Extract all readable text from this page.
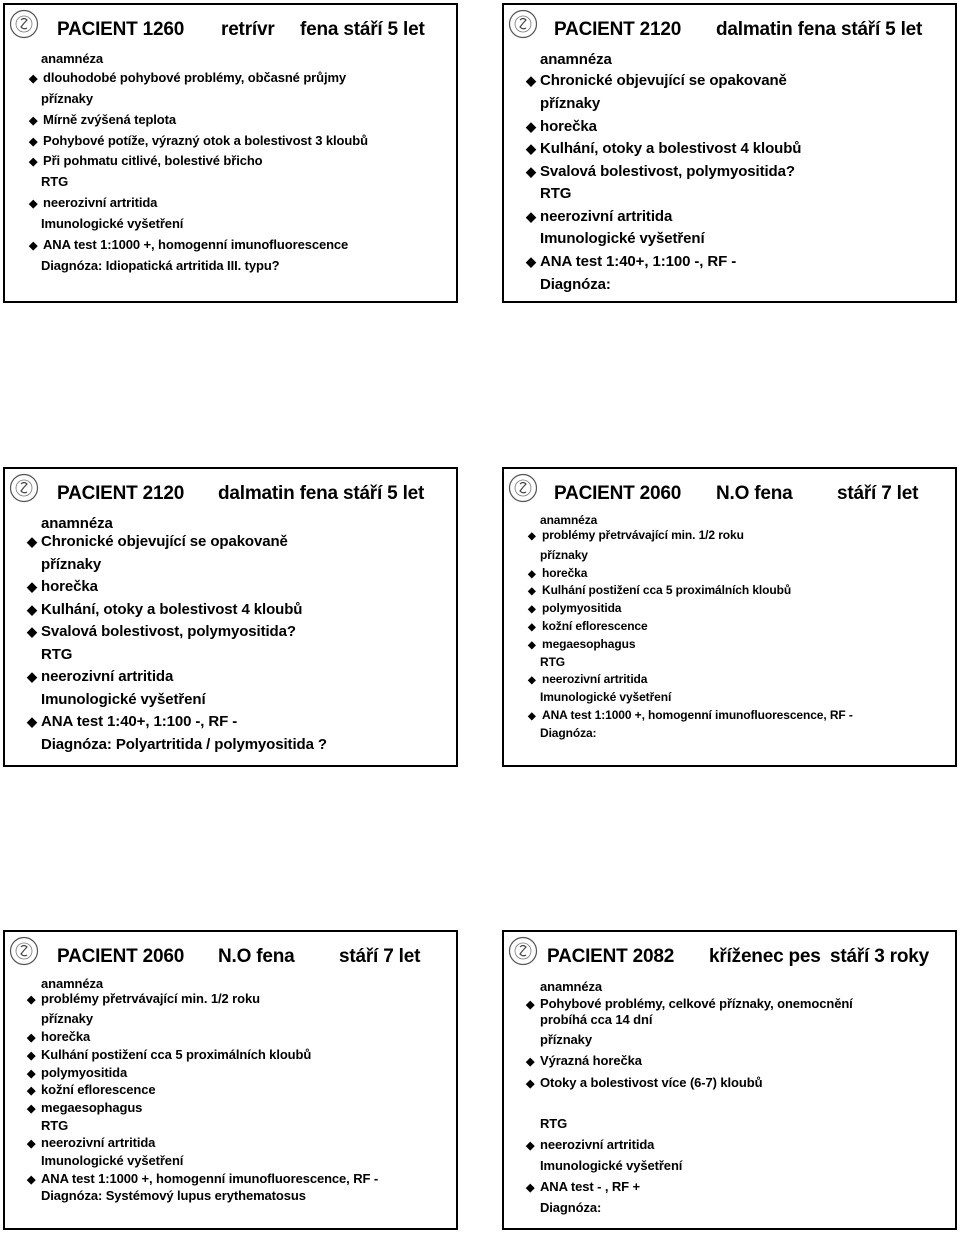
PACIENT 1260 retrívr fena stáří 5 let
anamnéza
◆ dlouhodobé pohybové problémy, občasné průjmy
příznaky
◆ Mírně zvýšená teplota
◆ Pohybové potíže, výrazný otok a bolestivost 3 kloubů
◆ Při pohmatu citlivé, bolestivé břicho
RTG
◆ neerozivní artritida
Imunologické vyšetření
◆ ANA test 1:1000 +, homogenní imunofluorescence
Diagnóza: Idiopatická artritida III. typu?
PACIENT 2120 dalmatin fena stáří 5 let
anamnéza
◆ Chronické objevující se opakovaně
příznaky
◆ horečka
◆ Kulhání, otoky a bolestivost 4 kloubů
◆ Svalová bolestivost, polymyositida?
RTG
◆ neerozivní artritida
Imunologické vyšetření
◆ ANA test 1:40+, 1:100 -, RF -
Diagnóza:
PACIENT 2120 dalmatin fena stáří 5 let
anamnéza
◆ Chronické objevující se opakovaně
příznaky
◆ horečka
◆ Kulhání, otoky a bolestivost 4 kloubů
◆ Svalová bolestivost, polymyositida?
RTG
◆ neerozivní artritida
Imunologické vyšetření
◆ ANA test 1:40+, 1:100 -, RF -
Diagnóza: Polyartritida / polymyositida ?
PACIENT 2060 N.O fena stáří 7 let
anamnéza
◆ problémy přetrvávající min. 1/2 roku
příznaky
◆ horečka
◆ Kulhání postižení cca 5 proximálních kloubů
◆ polymyositida
◆ kožní eflorescence
◆ megaesophagus
RTG
◆ neerozivní artritida
Imunologické vyšetření
◆ ANA test 1:1000 +, homogenní imunofluorescence, RF -
Diagnóza:
PACIENT 2060 N.O fena stáří 7 let
anamnéza
◆ problémy přetrvávající min. 1/2 roku
příznaky
◆ horečka
◆ Kulhání postižení cca 5 proximálních kloubů
◆ polymyositida
◆ kožní eflorescence
◆ megaesophagus
RTG
◆ neerozivní artritida
Imunologické vyšetření
◆ ANA test 1:1000 +, homogenní imunofluorescence, RF -
Diagnóza: Systémový lupus erythematosus
PACIENT 2082 kříženec pes stáří 3 roky
anamnéza
◆ Pohybové problémy, celkové příznaky, onemocnění
probíhá cca 14 dní
příznaky
◆ Výrazná horečka
◆ Otoky a bolestivost více (6-7) kloubů
RTG
◆ neerozivní artritida
Imunologické vyšetření
◆ ANA test - , RF +
Diagnóza:
